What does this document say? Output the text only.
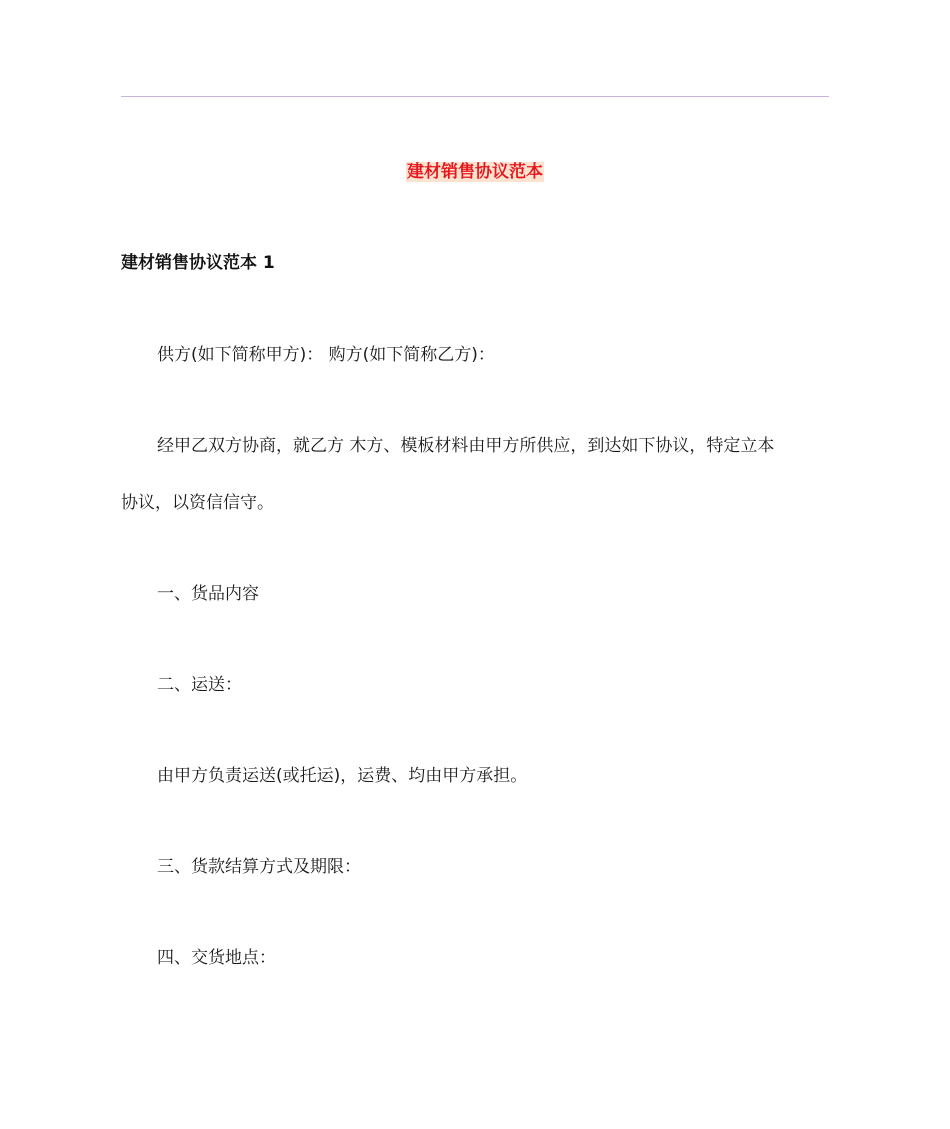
建材销售协议范本
建材销售协议范本 1
供方(如下简称甲方)： 购方(如下简称乙方)：
经甲乙双方协商，就乙方 木方、模板材料由甲方所供应，到达如下协议，特定立本
协议，以资信信守。
一、货品内容
二、运送：
由甲方负责运送(或托运)，运费、均由甲方承担。
三、货款结算方式及期限：
四、交货地点：
